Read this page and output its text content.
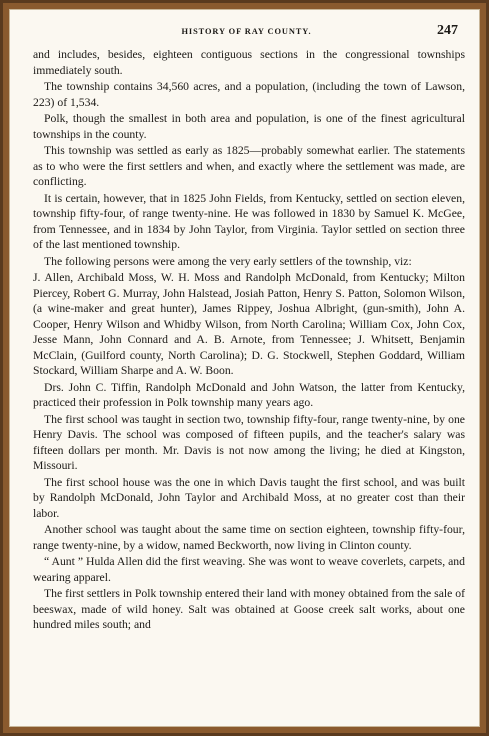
HISTORY OF RAY COUNTY.	247

and includes, besides, eighteen contiguous sections in the congressional townships immediately south.

The township contains 34,560 acres, and a population, (including the town of Lawson, 223) of 1,534.

Polk, though the smallest in both area and population, is one of the finest agricultural townships in the county.

This township was settled as early as 1825—probably somewhat earlier. The statements as to who were the first settlers and when, and exactly where the settlement was made, are conflicting.

It is certain, however, that in 1825 John Fields, from Kentucky, settled on section eleven, township fifty-four, of range twenty-nine. He was followed in 1830 by Samuel K. McGee, from Tennessee, and in 1834 by John Taylor, from Virginia. Taylor settled on section three of the last mentioned township.

The following persons were among the very early settlers of the township, viz:

J. Allen, Archibald Moss, W. H. Moss and Randolph McDonald, from Kentucky; Milton Piercey, Robert G. Murray, John Halstead, Josiah Patton, Henry S. Patton, Solomon Wilson, (a wine-maker and great hunter), James Rippey, Joshua Albright, (gun-smith), John A. Cooper, Henry Wilson and Whidby Wilson, from North Carolina; William Cox, John Cox, Jesse Mann, John Connard and A. B. Arnote, from Tennessee; J. Whitsett, Benjamin McClain, (Guilford county, North Carolina); D. G. Stockwell, Stephen Goddard, William Stockard, William Sharpe and A. W. Boon.

Drs. John C. Tiffin, Randolph McDonald and John Watson, the latter from Kentucky, practiced their profession in Polk township many years ago.

The first school was taught in section two, township fifty-four, range twenty-nine, by one Henry Davis. The school was composed of fifteen pupils, and the teacher's salary was fifteen dollars per month. Mr. Davis is not now among the living; he died at Kingston, Missouri.

The first school house was the one in which Davis taught the first school, and was built by Randolph McDonald, John Taylor and Archibald Moss, at no greater cost than their labor.

Another school was taught about the same time on section eighteen, township fifty-four, range twenty-nine, by a widow, named Beckworth, now living in Clinton county.

“ Aunt ” Hulda Allen did the first weaving. She was wont to weave coverlets, carpets, and wearing apparel.

The first settlers in Polk township entered their land with money obtained from the sale of beeswax, made of wild honey. Salt was obtained at Goose creek salt works, about one hundred miles south; and
